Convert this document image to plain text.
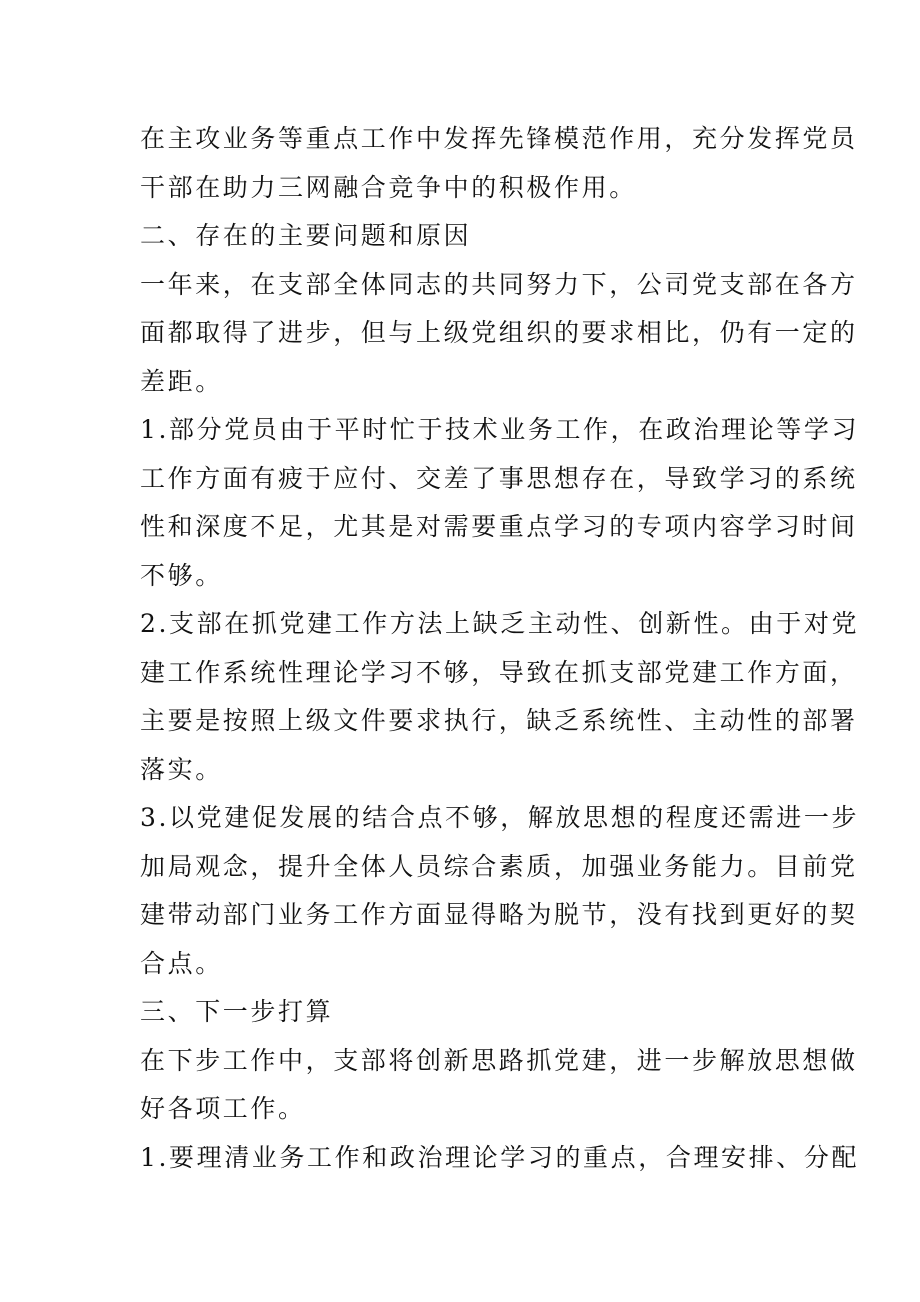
在主攻业务等重点工作中发挥先锋模范作用，充分发挥党员
干部在助力三网融合竞争中的积极作用。
二、存在的主要问题和原因
一年来，在支部全体同志的共同努力下，公司党支部在各方
面都取得了进步，但与上级党组织的要求相比，仍有一定的
差距。
1.部分党员由于平时忙于技术业务工作，在政治理论等学习
工作方面有疲于应付、交差了事思想存在，导致学习的系统
性和深度不足，尤其是对需要重点学习的专项内容学习时间
不够。
2.支部在抓党建工作方法上缺乏主动性、创新性。由于对党
建工作系统性理论学习不够，导致在抓支部党建工作方面，
主要是按照上级文件要求执行，缺乏系统性、主动性的部署
落实。
3.以党建促发展的结合点不够，解放思想的程度还需进一步
加局观念，提升全体人员综合素质，加强业务能力。目前党
建带动部门业务工作方面显得略为脱节，没有找到更好的契
合点。
三、下一步打算
在下步工作中，支部将创新思路抓党建，进一步解放思想做
好各项工作。
1.要理清业务工作和政治理论学习的重点，合理安排、分配
